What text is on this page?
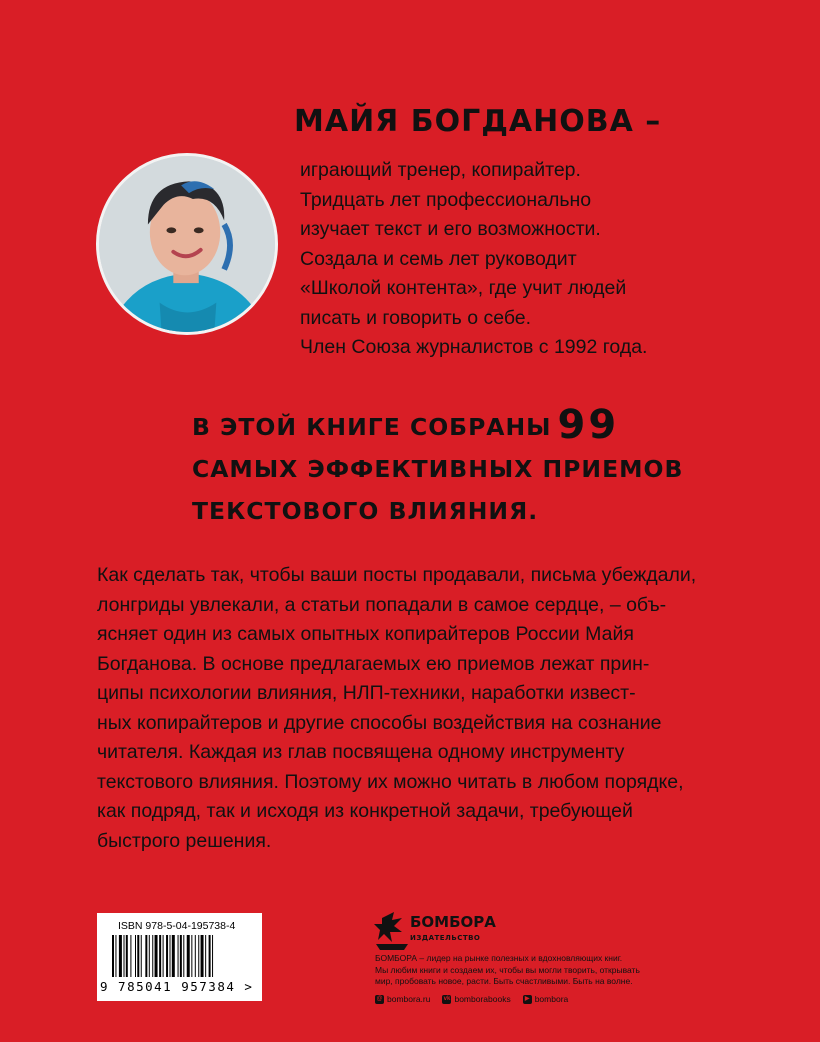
МАЙЯ БОГДАНОВА –
играющий тренер, копирайтер.
Тридцать лет профессионально
изучает текст и его возможности.
Создала и семь лет руководит
«Школой контента», где учит людей
писать и говорить о себе.
Член Союза журналистов с 1992 года.
В ЭТОЙ КНИГЕ СОБРАНЫ 99
САМЫХ ЭФФЕКТИВНЫХ ПРИЕМОВ
ТЕКСТОВОГО ВЛИЯНИЯ.
Как сделать так, чтобы ваши посты продавали, письма убеждали,
лонгриды увлекали, а статьи попадали в самое сердце, – объ-
ясняет один из самых опытных копирайтеров России Майя
Богданова. В основе предлагаемых ею приемов лежат прин-
ципы психологии влияния, НЛП-техники, наработки извест-
ных копирайтеров и другие способы воздействия на сознание
читателя. Каждая из глав посвящена одному инструменту
текстового влияния. Поэтому их можно читать в любом порядке,
как подряд, так и исходя из конкретной задачи, требующей
быстрого решения.
ISBN 978-5-04-195738-4
9 785041 957384 >
БОМБОРА
ИЗДАТЕЛЬСТВО
БОМБОРА – лидер на рынке полезных и вдохновляющих книг.
Мы любим книги и создаем их, чтобы вы могли творить, открывать
мир, пробовать новое, расти. Быть счастливыми. Быть на волне.
@ bombora.ru vk bomborabooks	▶ bombora
